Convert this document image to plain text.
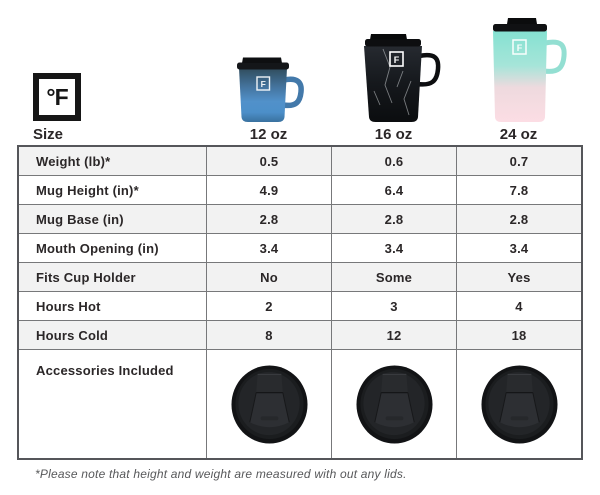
°F	F
F
F
Size	12 oz	16 oz	24 oz
Weight (lb)*	0.5	0.6	0.7
Mug Height (in)*	4.9	6.4	7.8
Mug Base (in)	2.8	2.8	2.8
Mouth Opening (in)	3.4	3.4	3.4
Fits Cup Holder	No	Some	Yes
Hours Hot	2	3	4
Hours Cold	8	12	18
Accessories Included
*Please note that height and weight are measured with out any lids.
